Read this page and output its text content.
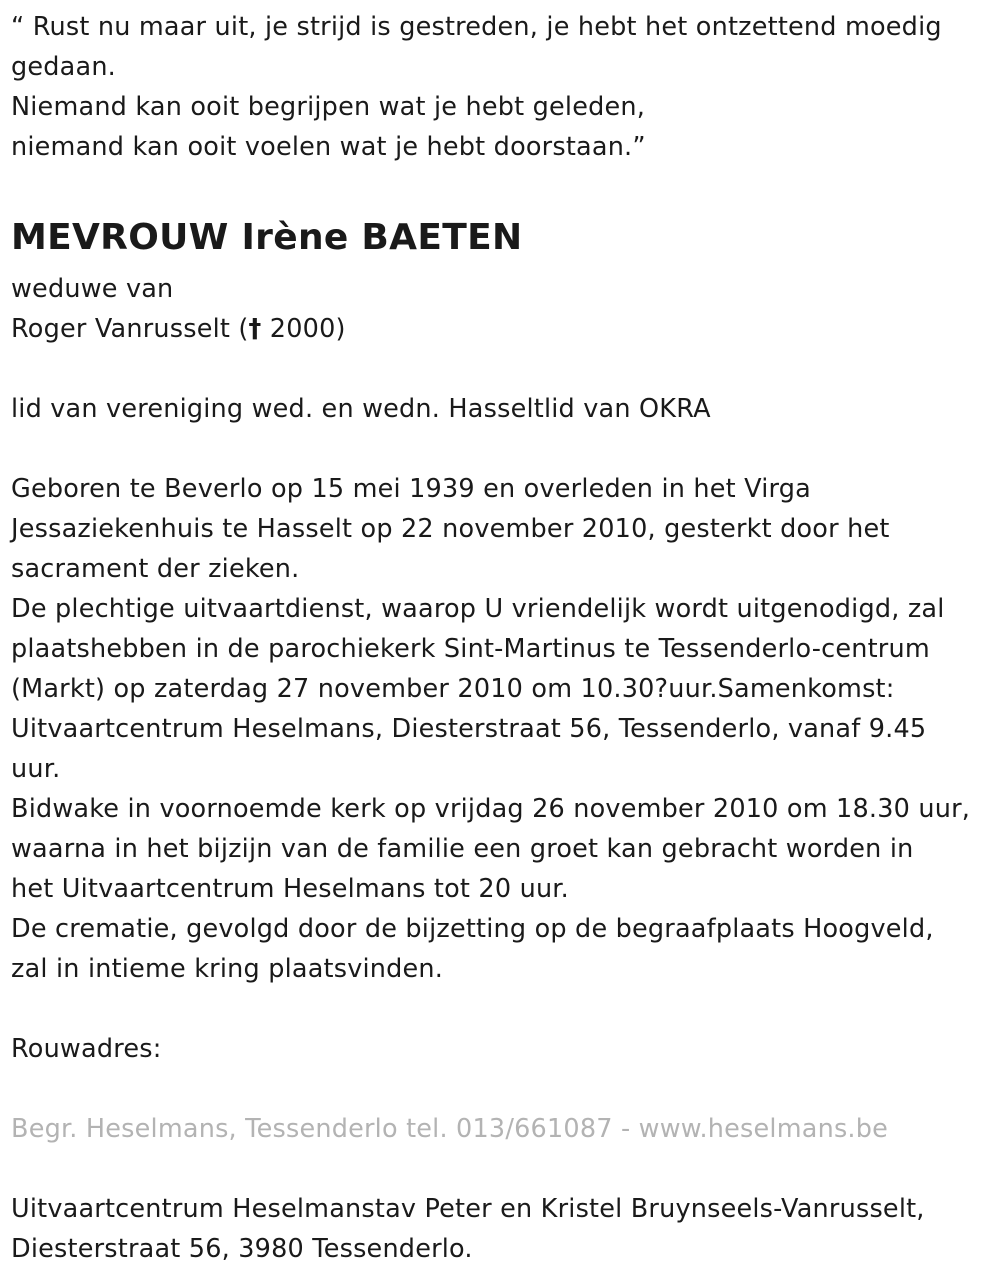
“ Rust nu maar uit, je strijd is gestreden, je hebt het ontzettend moedig
gedaan.
Niemand kan ooit begrijpen wat je hebt geleden,
niemand kan ooit voelen wat je hebt doorstaan.”
MEVROUW Irène BAETEN
weduwe van
Roger Vanrusselt († 2000)
lid van vereniging wed. en wedn. Hasseltlid van OKRA
Geboren te Beverlo op 15 mei 1939 en overleden in het Virga
Jessaziekenhuis te Hasselt op 22 november 2010, gesterkt door het
sacrament der zieken.
De plechtige uitvaartdienst, waarop U vriendelijk wordt uitgenodigd, zal
plaatshebben in de parochiekerk Sint-Martinus te Tessenderlo-centrum
(Markt) op zaterdag 27 november 2010 om 10.30?uur.Samenkomst:
Uitvaartcentrum Heselmans, Diesterstraat 56, Tessenderlo, vanaf 9.45
uur.
Bidwake in voornoemde kerk op vrijdag 26 november 2010 om 18.30 uur,
waarna in het bijzijn van de familie een groet kan gebracht worden in
het Uitvaartcentrum Heselmans tot 20 uur.
De crematie, gevolgd door de bijzetting op de begraafplaats Hoogveld,
zal in intieme kring plaatsvinden.
Rouwadres:
Begr. Heselmans, Tessenderlo tel. 013/661087 - www.heselmans.be
Uitvaartcentrum Heselmanstav Peter en Kristel Bruynseels-Vanrusselt,
Diesterstraat 56, 3980 Tessenderlo.
